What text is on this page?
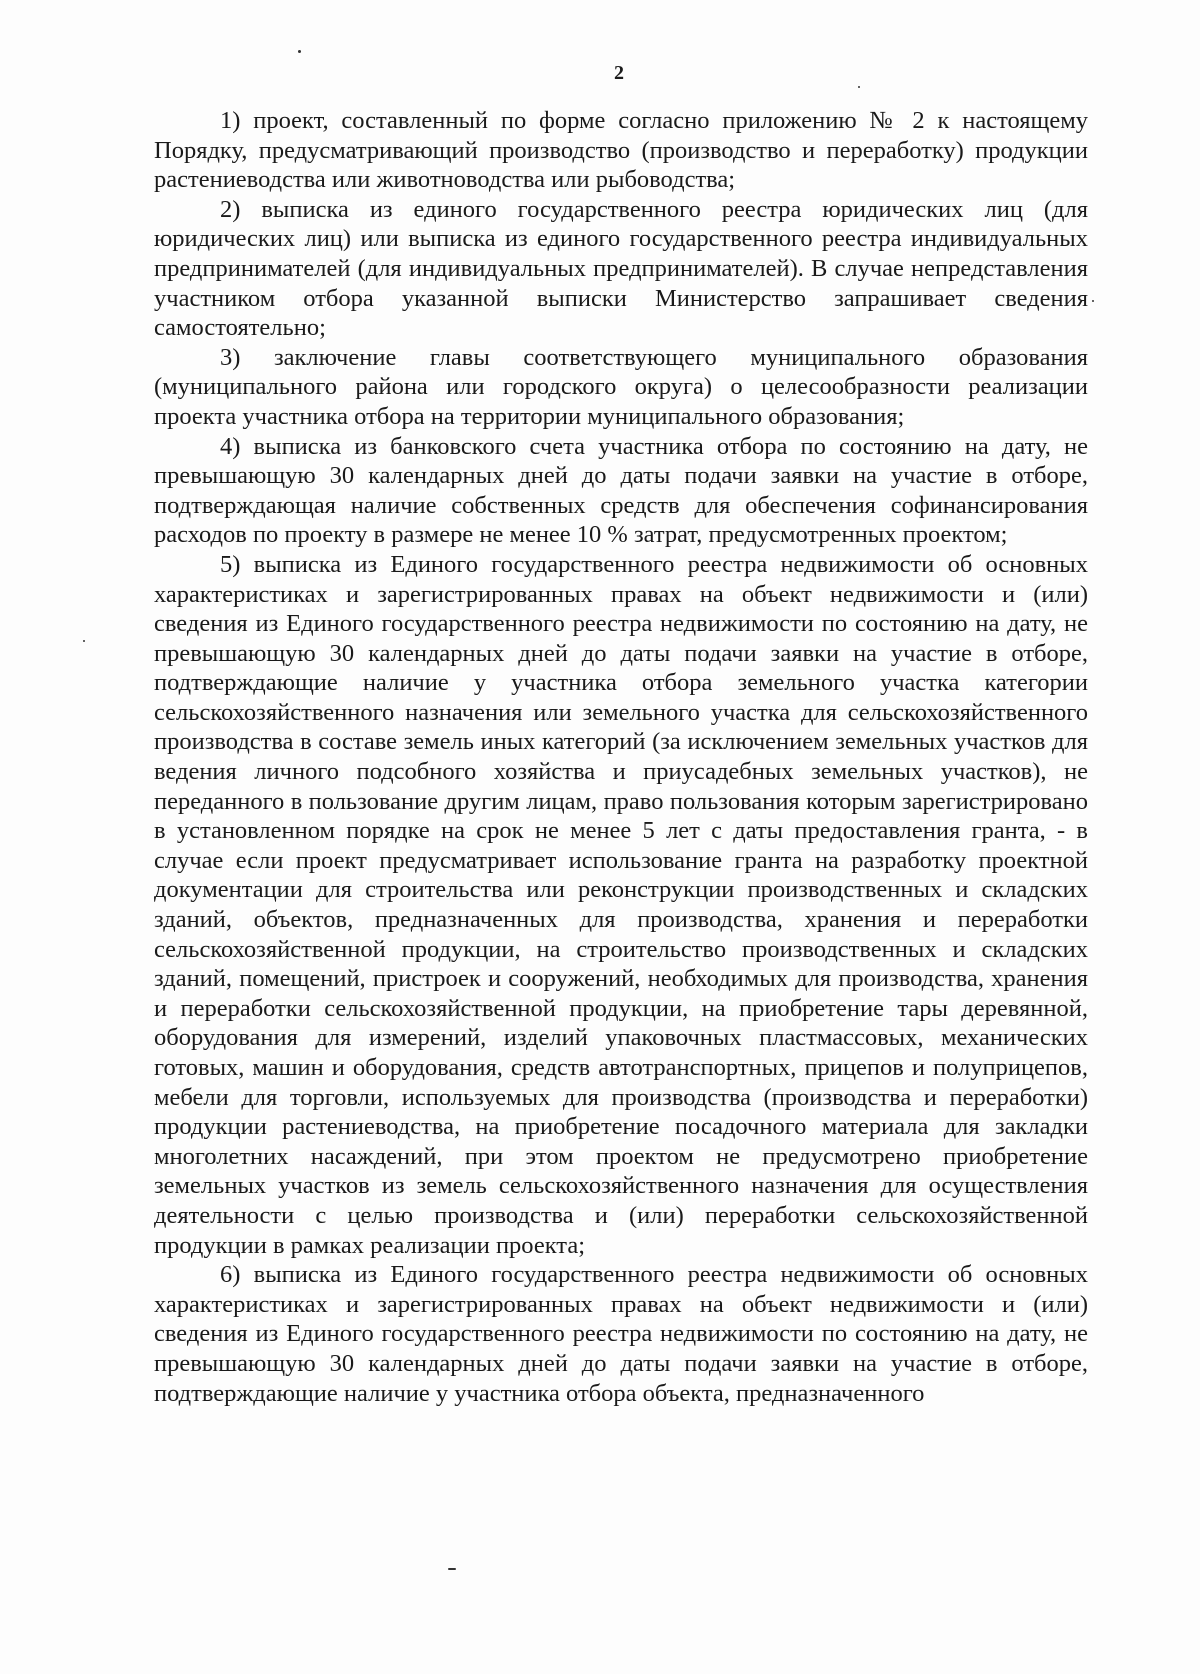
2

1) проект, составленный по форме согласно приложению № 2 к настоящему Порядку, предусматривающий производство (производство и переработку) продукции растениеводства или животноводства или рыбоводства;

2) выписка из единого государственного реестра юридических лиц (для юридических лиц) или выписка из единого государственного реестра индивидуальных предпринимателей (для индивидуальных предпринимателей). В случае непредставления участником отбора указанной выписки Министерство запрашивает сведения самостоятельно;

3) заключение главы соответствующего муниципального образования (муниципального района или городского округа) о целесообразности реализации проекта участника отбора на территории муниципального образования;

4) выписка из банковского счета участника отбора по состоянию на дату, не превышающую 30 календарных дней до даты подачи заявки на участие в отборе, подтверждающая наличие собственных средств для обеспечения софинансирования расходов по проекту в размере не менее 10 % затрат, предусмотренных проектом;

5) выписка из Единого государственного реестра недвижимости об основных характеристиках и зарегистрированных правах на объект недвижимости и (или) сведения из Единого государственного реестра недвижимости по состоянию на дату, не превышающую 30 календарных дней до даты подачи заявки на участие в отборе, подтверждающие наличие у участника отбора земельного участка категории сельскохозяйственного назначения или земельного участка для сельскохозяйственного производства в составе земель иных категорий (за исключением земельных участков для ведения личного подсобного хозяйства и приусадебных земельных участков), не переданного в пользование другим лицам, право пользования которым зарегистрировано в установленном порядке на срок не менее 5 лет с даты предоставления гранта, - в случае если проект предусматривает использование гранта на разработку проектной документации для строительства или реконструкции производственных и складских зданий, объектов, предназначенных для производства, хранения и переработки сельскохозяйственной продукции, на строительство производственных и складских зданий, помещений, пристроек и сооружений, необходимых для производства, хранения и переработки сельскохозяйственной продукции, на приобретение тары деревянной, оборудования для измерений, изделий упаковочных пластмассовых, механических готовых, машин и оборудования, средств автотранспортных, прицепов и полуприцепов, мебели для торговли, используемых для производства (производства и переработки) продукции растениеводства, на приобретение посадочного материала для закладки многолетних насаждений, при этом проектом не предусмотрено приобретение земельных участков из земель сельскохозяйственного назначения для осуществления деятельности с целью производства и (или) переработки сельскохозяйственной продукции в рамках реализации проекта;

6) выписка из Единого государственного реестра недвижимости об основных характеристиках и зарегистрированных правах на объект недвижимости и (или) сведения из Единого государственного реестра недвижимости по состоянию на дату, не превышающую 30 календарных дней до даты подачи заявки на участие в отборе, подтверждающие наличие у участника отбора объекта, предназначенного
